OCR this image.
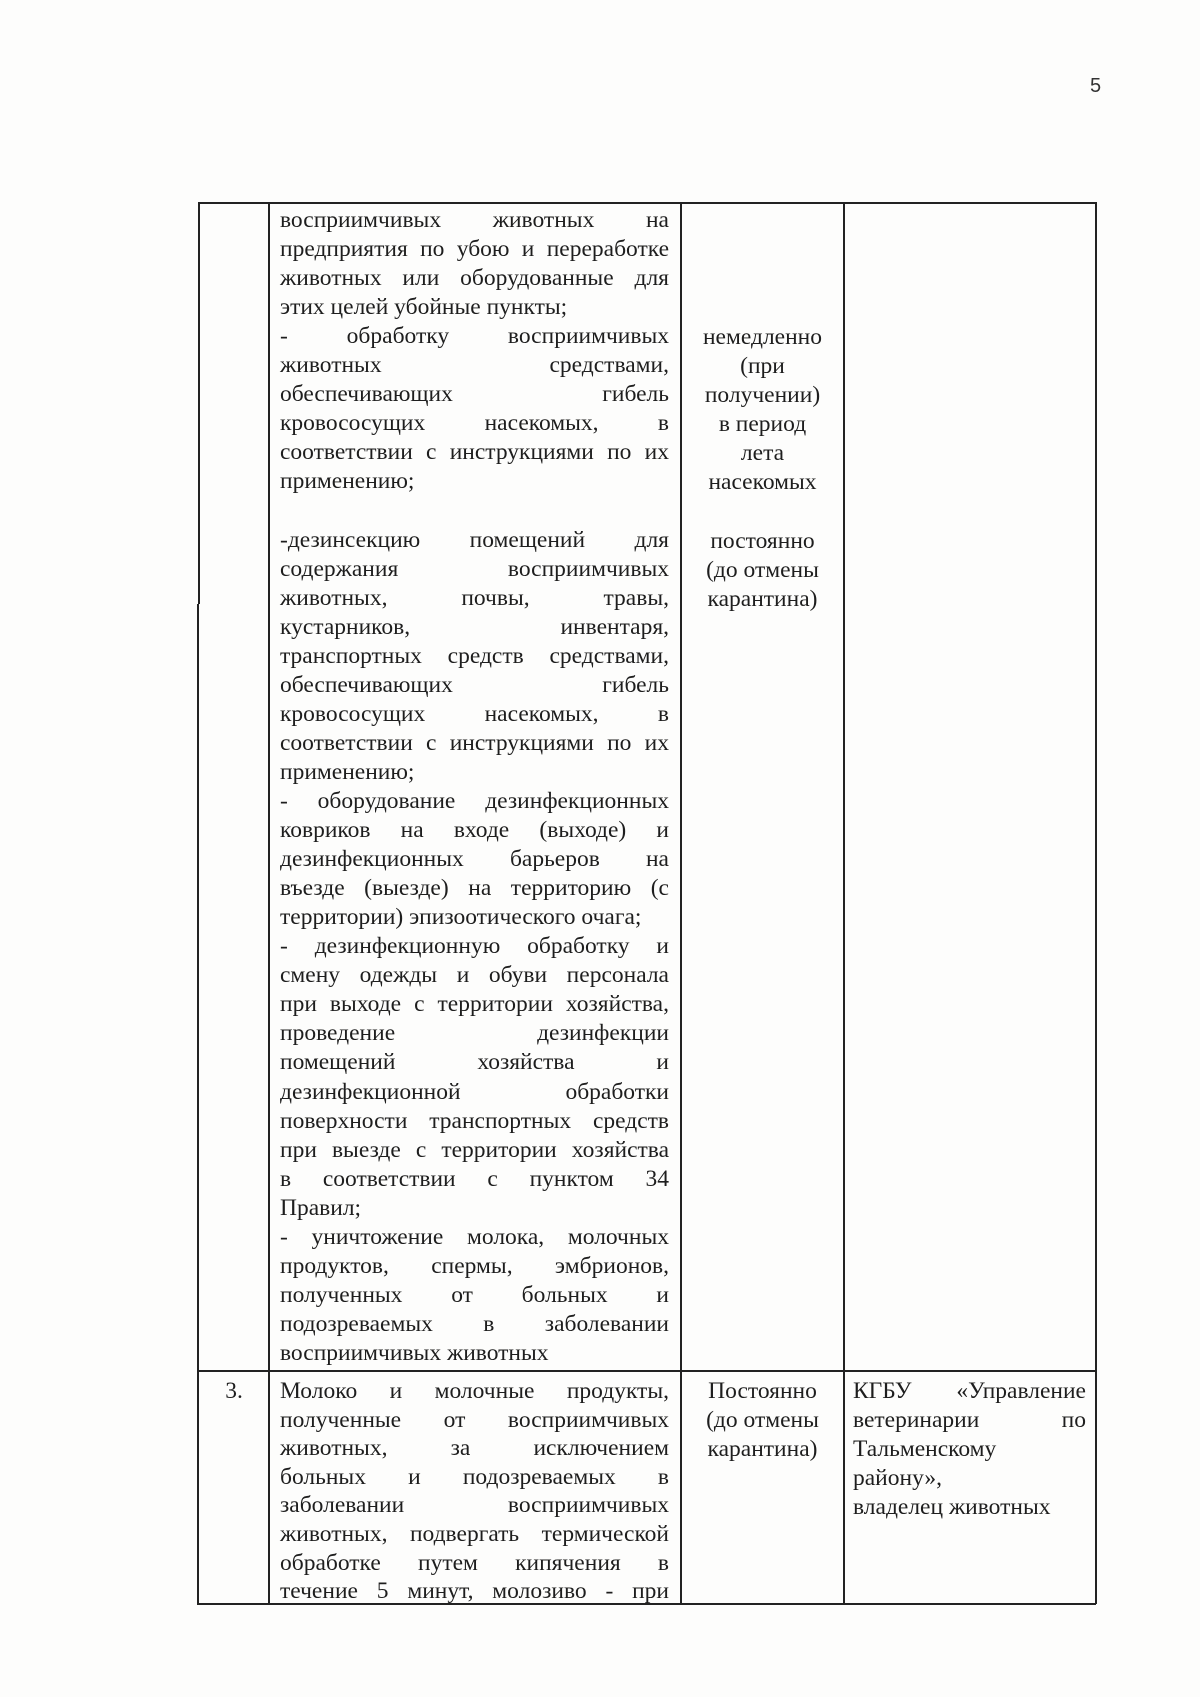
5
восприимчивых животных на
предприятия по убою и переработке
животных или оборудованные для
этих целей убойные пункты;
- обработку восприимчивых
животных средствами,
обеспечивающих гибель
кровососущих насекомых, в
соответствии с инструкциями по их
применению;
-дезинсекцию помещений для
содержания восприимчивых
животных, почвы, травы,
кустарников, инвентаря,
транспортных средств средствами,
обеспечивающих гибель
кровососущих насекомых, в
соответствии с инструкциями по их
применению;
- оборудование дезинфекционных
ковриков на входе (выходе) и
дезинфекционных барьеров на
въезде (выезде) на территорию (с
территории) эпизоотического очага;
- дезинфекционную обработку и
смену одежды и обуви персонала
при выходе с территории хозяйства,
проведение дезинфекции
помещений хозяйства и
дезинфекционной обработки
поверхности транспортных средств
при выезде с территории хозяйства
в соответствии с пунктом 34
Правил;
- уничтожение молока, молочных
продуктов, спермы, эмбрионов,
полученных от больных и
подозреваемых в заболевании
восприимчивых животных
немедленно
(при
получении)
в период
лета
насекомых
постоянно
(до отмены
карантина)
3.	Молоко и молочные продукты,
полученные от восприимчивых
животных, за исключением
больных и подозреваемых в
заболевании восприимчивых
животных, подвергать термической
обработке путем кипячения в
течение 5 минут, молозиво - при
Постоянно
(до отмены
карантина)
КГБУ «Управление
ветеринарии по
Тальменскому
району»,
владелец животных
